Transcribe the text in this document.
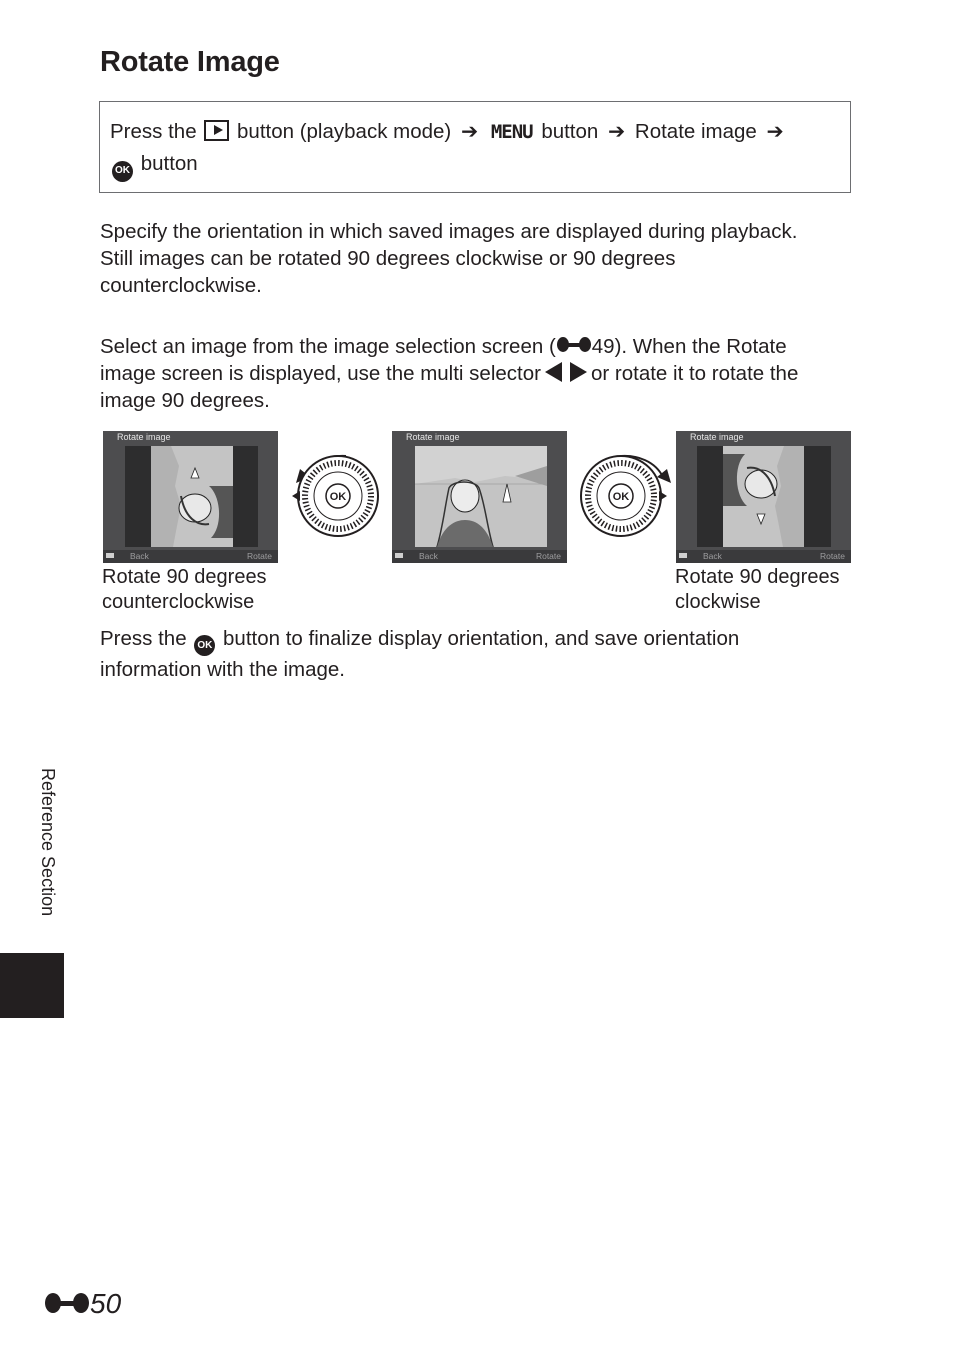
Rotate Image
Press the button (playback mode) ➔ MENU button ➔ Rotate image ➔
OK button
Specify the orientation in which saved images are displayed during playback.
Still images can be rotated 90 degrees clockwise or 90 degrees
counterclockwise.
Select an image from the image selection screen ( 49). When the Rotate
image screen is displayed, use the multi selector or rotate it to rotate the
image 90 degrees.
Rotate image
Back	Rotate
OK
Rotate image
Back	Rotate
OK
Rotate image
Back	Rotate
Rotate 90 degrees
counterclockwise
Rotate 90 degrees
clockwise
Press the OK button to finalize display orientation, and save orientation
information with the image.
Reference Section
50
